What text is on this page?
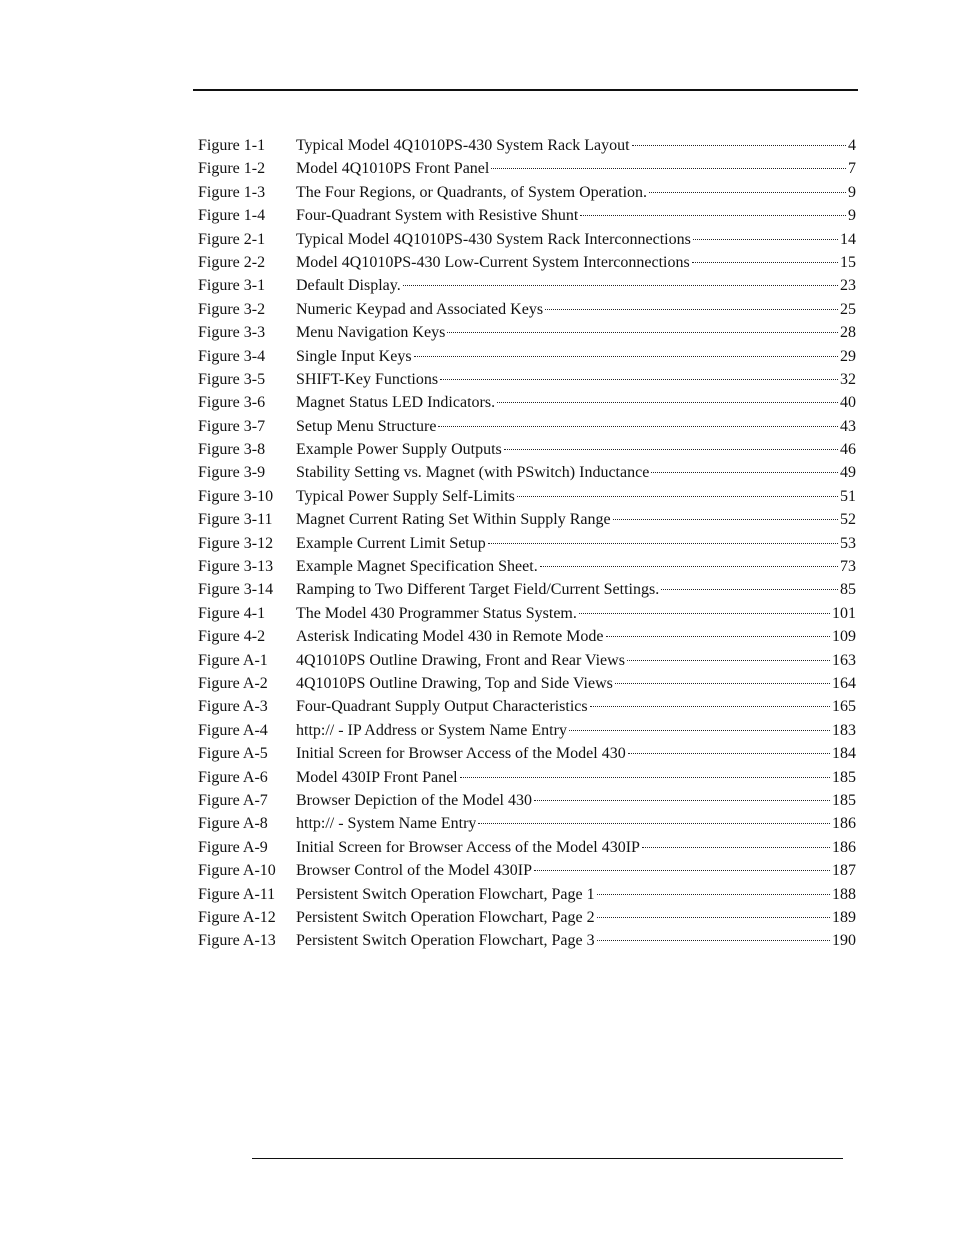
Figure 1-1	Typical Model 4Q1010PS-430 System Rack Layout	4
Figure 1-2	Model 4Q1010PS Front Panel	7
Figure 1-3	The Four Regions, or Quadrants, of System Operation.	9
Figure 1-4	Four-Quadrant System with Resistive Shunt	9
Figure 2-1	Typical Model 4Q1010PS-430 System Rack Interconnections	14
Figure 2-2	Model 4Q1010PS-430 Low-Current System Interconnections	15
Figure 3-1	Default Display.	23
Figure 3-2	Numeric Keypad and Associated Keys	25
Figure 3-3	Menu Navigation Keys	28
Figure 3-4	Single Input Keys	29
Figure 3-5	SHIFT-Key Functions	32
Figure 3-6	Magnet Status LED Indicators.	40
Figure 3-7	Setup Menu Structure	43
Figure 3-8	Example Power Supply Outputs	46
Figure 3-9	Stability Setting vs. Magnet (with PSwitch) Inductance	49
Figure 3-10	Typical Power Supply Self-Limits	51
Figure 3-11	Magnet Current Rating Set Within Supply Range	52
Figure 3-12	Example Current Limit Setup	53
Figure 3-13	Example Magnet Specification Sheet.	73
Figure 3-14	Ramping to Two Different Target Field/Current Settings.	85
Figure 4-1	The Model 430 Programmer Status System.	101
Figure 4-2	Asterisk Indicating Model 430 in Remote Mode	109
Figure A-1	4Q1010PS Outline Drawing, Front and Rear Views	163
Figure A-2	4Q1010PS Outline Drawing, Top and Side Views	164
Figure A-3	Four-Quadrant Supply Output Characteristics	165
Figure A-4	http:// - IP Address or System Name Entry	183
Figure A-5	Initial Screen for Browser Access of the Model 430	184
Figure A-6	Model 430IP Front Panel	185
Figure A-7	Browser Depiction of the Model 430	185
Figure A-8	http:// - System Name Entry	186
Figure A-9	Initial Screen for Browser Access of the Model 430IP	186
Figure A-10	Browser Control of the Model 430IP	187
Figure A-11	Persistent Switch Operation Flowchart, Page 1	188
Figure A-12	Persistent Switch Operation Flowchart, Page 2	189
Figure A-13	Persistent Switch Operation Flowchart, Page 3	190
